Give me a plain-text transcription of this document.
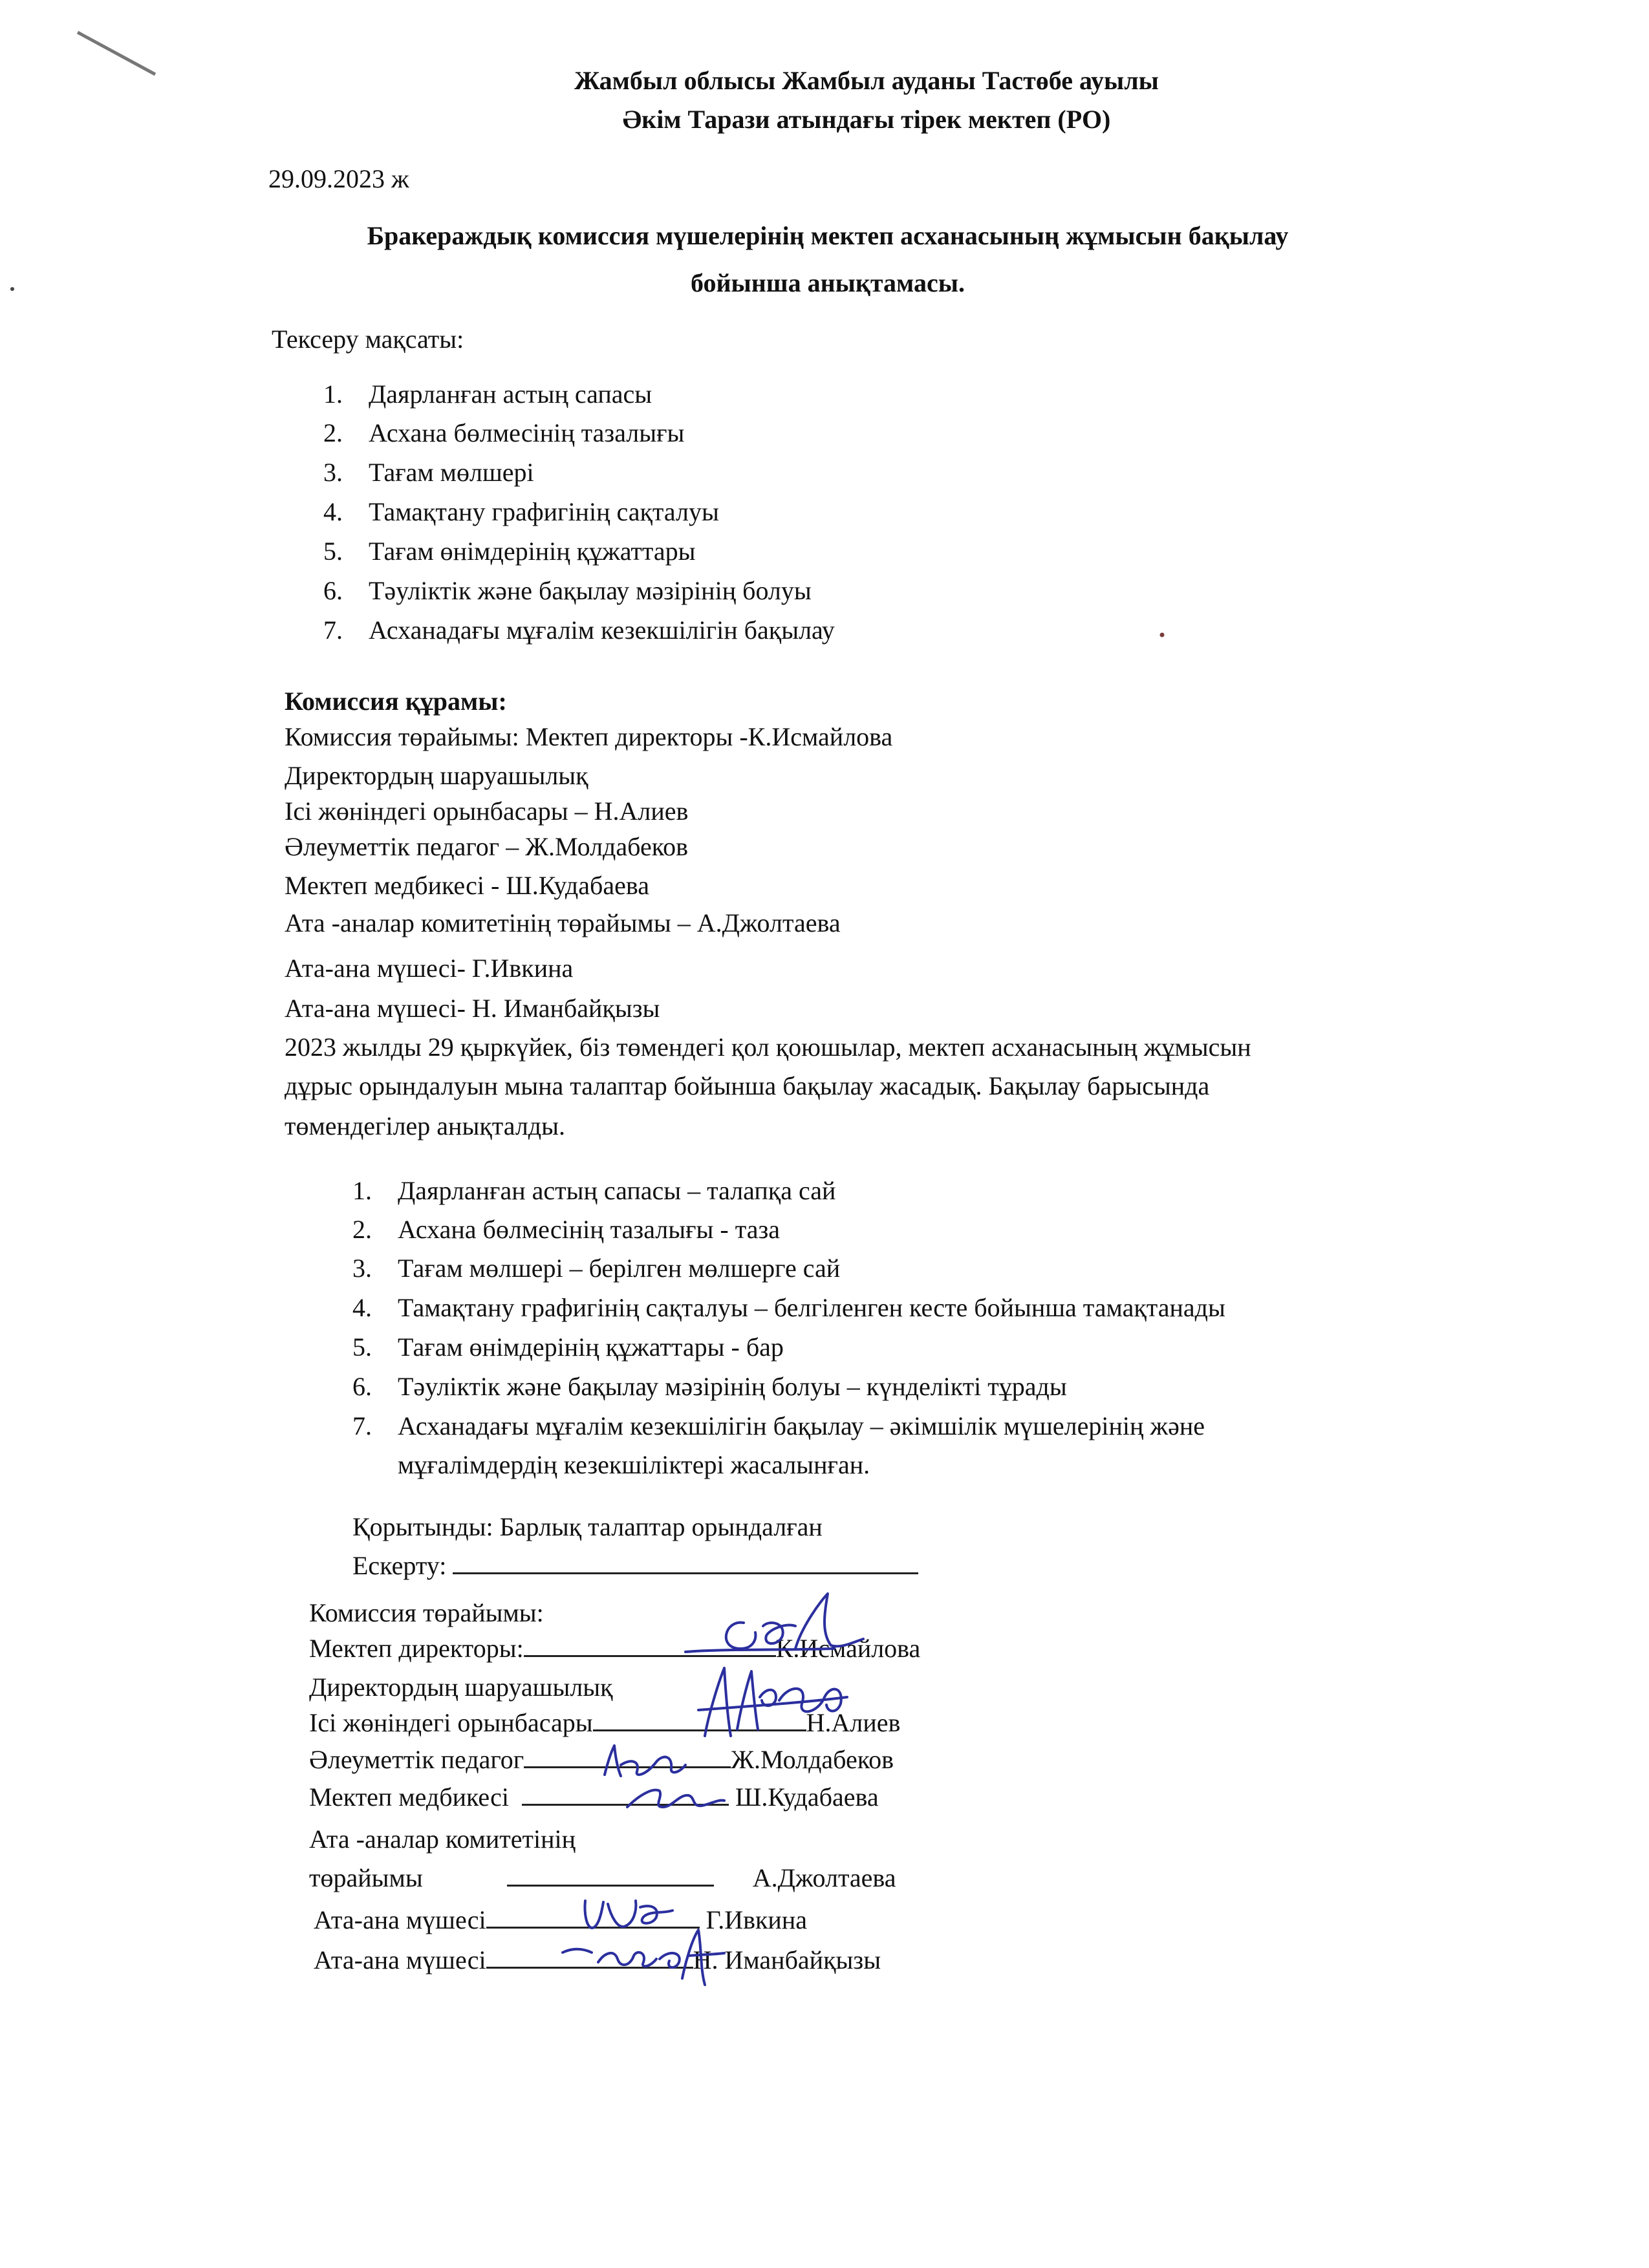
Жамбыл облысы Жамбыл ауданы Тастөбе ауылы
Әкім Тарази атындағы тірек мектеп (РО)
29.09.2023 ж
Бракераждық комиссия мүшелерінің мектеп асханасының жұмысын бақылау
бойынша анықтамасы.
Тексеру мақсаты:
1. Даярланған астың сапасы
2. Асхана бөлмесінің тазалығы
3. Тағам мөлшері
4. Тамақтану графигінің сақталуы
5. Тағам өнімдерінің құжаттары
6. Тәуліктік және бақылау мәзірінің болуы
7. Асханадағы мұғалім кезекшілігін бақылау
Комиссия құрамы:
Комиссия төрайымы: Мектеп директоры -К.Исмайлова
Директордың шаруашылық
Ісі жөніндегі орынбасары – Н.Алиев
Әлеуметтік педагог – Ж.Молдабеков
Мектеп медбикесі - Ш.Кудабаева
Ата -аналар комитетінің төрайымы – А.Джолтаева
Ата-ана мүшесі- Г.Ивкина
Ата-ана мүшесі- Н. Иманбайқызы
2023 жылды 29 қыркүйек, біз төмендегі қол қоюшылар, мектеп асханасының жұмысын
дұрыс орындалуын мына талаптар бойынша бақылау жасадық. Бақылау барысында
төмендегілер анықталды.
1. Даярланған астың сапасы – талапқа сай
2. Асхана бөлмесінің тазалығы - таза
3. Тағам мөлшері – берілген мөлшерге сай
4. Тамақтану графигінің сақталуы – белгіленген кесте бойынша тамақтанады
5. Тағам өнімдерінің құжаттары - бар
6. Тәуліктік және бақылау мәзірінің болуы – күнделікті тұрады
7. Асханадағы мұғалім кезекшілігін бақылау – әкімшілік мүшелерінің және
мұғалімдердің кезекшіліктері жасалынған.
Қорытынды: Барлық талаптар орындалған
Ескерту:
Комиссия төрайымы:
Мектеп директоры:	К.Исмайлова
Директордың шаруашылық
Ісі жөніндегі орынбасары	Н.Алиев
Әлеуметтік педагог	Ж.Молдабеков
Мектеп медбикесі	Ш.Кудабаева
Ата -аналар комитетінің
төрайымы	А.Джолтаева
Ата-ана мүшесі	Г.Ивкина
Ата-ана мүшесі	Н. Иманбайқызы
